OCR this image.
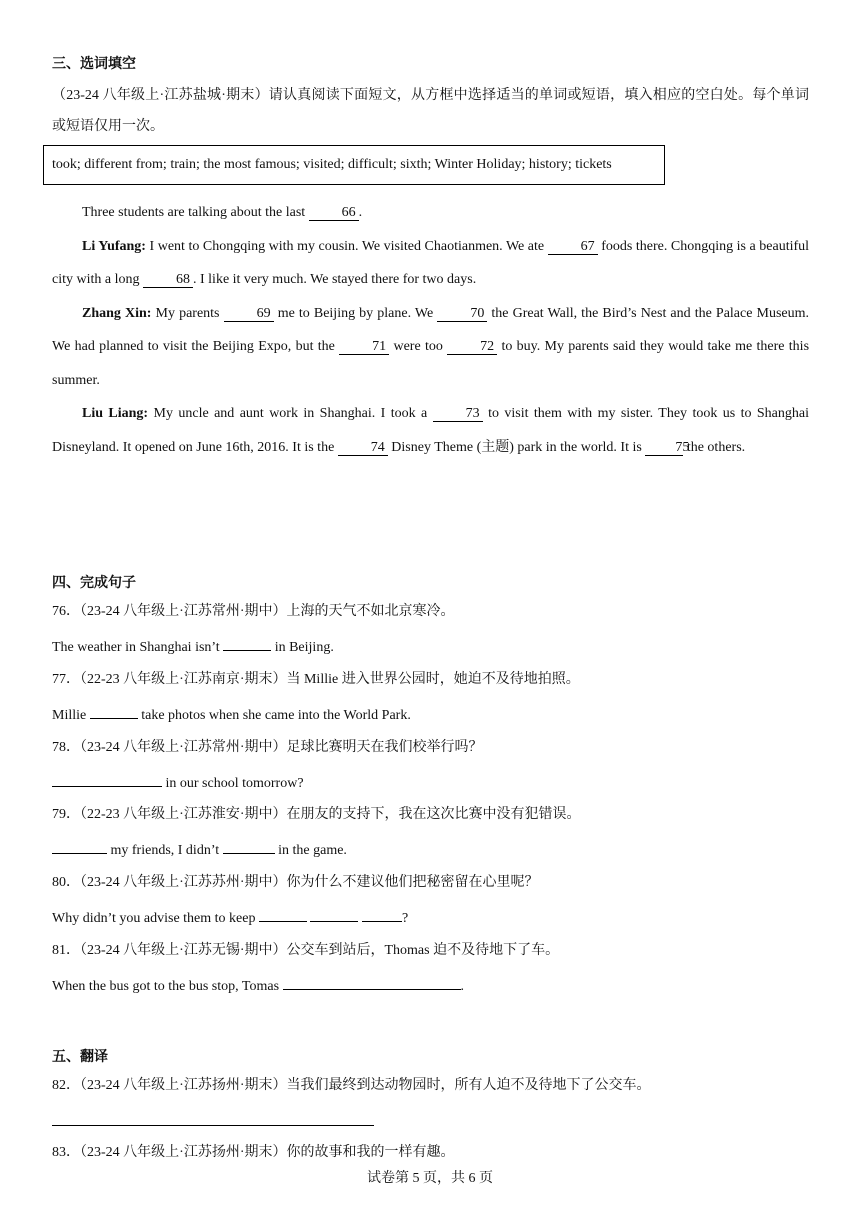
三、选词填空

（23-24 八年级上·江苏盐城·期末）请认真阅读下面短文，从方框中选择适当的单词或短语，填入相应的空白处。每个单词或短语仅用一次。

took; different from; train; the most famous; visited; difficult; sixth; Winter Holiday; history; tickets

Three students are talking about the last	66 .

Li Yufang: I went to Chongqing with my cousin. We visited Chaotianmen. We ate	67 foods there. Chongqing is a beautiful city with a long	68 . I like it very much. We stayed there for two days.

Zhang Xin: My parents	69 me to Beijing by plane. We	70 the Great Wall, the Bird’s Nest and the Palace Museum. We had planned to visit the Beijing Expo, but the	71 were too	72 to buy. My parents said they would take me there this summer.

Liu Liang: My uncle and aunt work in Shanghai. I took a	73 to visit them with my sister. They took us to Shanghai Disneyland. It opened on June 16th, 2016. It is the	74 Disney Theme (主题) park in the world. It is 75 the others.

四、完成句子
76．（23-24 八年级上·江苏常州·期中）上海的天气不如北京寒冷。
The weather in Shanghai isn’t	in Beijing.
77．（22-23 八年级上·江苏南京·期末）当 Millie 进入世界公园时，她迫不及待地拍照。
Millie	take photos when she came into the World Park.
78．（23-24 八年级上·江苏常州·期中）足球比赛明天在我们校举行吗？
in our school tomorrow?
79．（22-23 八年级上·江苏淮安·期中）在朋友的支持下，我在这次比赛中没有犯错误。
my friends, I didn’t	in the game.
80．（23-24 八年级上·江苏苏州·期中）你为什么不建议他们把秘密留在心里呢？
Why didn’t you advise them to keep	?
81．（23-24 八年级上·江苏无锡·期中）公交车到站后，Thomas 迫不及待地下了车。
When the bus got to the bus stop, Tomas	.
五、翻译
82．（23-24 八年级上·江苏扬州·期末）当我们最终到达动物园时，所有人迫不及待地下了公交车。
83．（23-24 八年级上·江苏扬州·期末）你的故事和我的一样有趣。
试卷第 5 页，共 6 页
